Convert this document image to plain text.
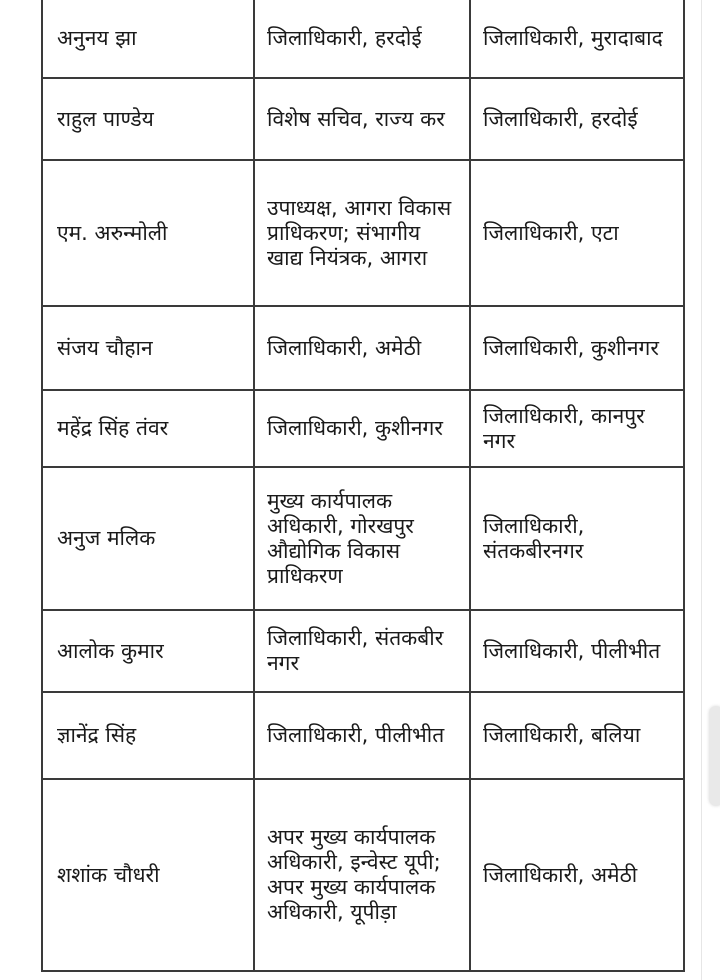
अनुनय झा	जिलाधिकारी, हरदोई	जिलाधिकारी, मुरादाबाद
राहुल पाण्डेय	विशेष सचिव, राज्य कर	जिलाधिकारी, हरदोई
एम. अरुन्मोली	उपाध्यक्ष, आगरा विकास प्राधिकरण; संभागीय खाद्य नियंत्रक, आगरा	जिलाधिकारी, एटा
संजय चौहान	जिलाधिकारी, अमेठी	जिलाधिकारी, कुशीनगर
महेंद्र सिंह तंवर	जिलाधिकारी, कुशीनगर	जिलाधिकारी, कानपुर नगर
अनुज मलिक	मुख्य कार्यपालक अधिकारी, गोरखपुर औद्योगिक विकास प्राधिकरण	जिलाधिकारी, संतकबीरनगर
आलोक कुमार	जिलाधिकारी, संतकबीर नगर	जिलाधिकारी, पीलीभीत
ज्ञानेंद्र सिंह	जिलाधिकारी, पीलीभीत	जिलाधिकारी, बलिया
शशांक चौधरी	अपर मुख्य कार्यपालक अधिकारी, इन्वेस्ट यूपी; अपर मुख्य कार्यपालक अधिकारी, यूपीड़ा	जिलाधिकारी, अमेठी
